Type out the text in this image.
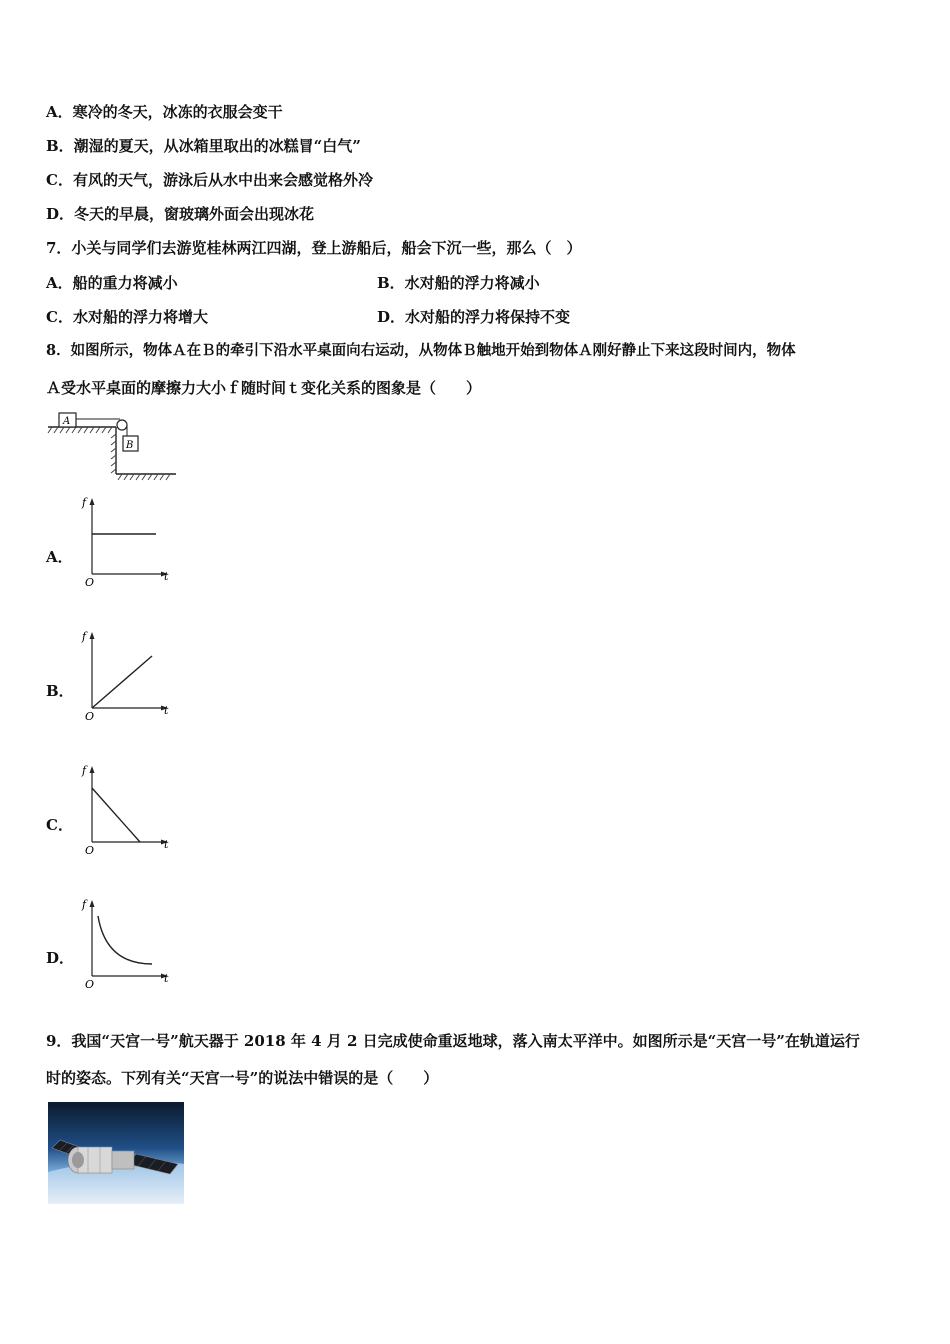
A．寒冷的冬天，冰冻的衣服会变干
B．潮湿的夏天，从冰箱里取出的冰糕冒“白气”
C．有风的天气，游泳后从水中出来会感觉格外冷
D．冬天的早晨，窗玻璃外面会出现冰花
7．小关与同学们去游览桂林两江四湖，登上游船后，船会下沉一些，那么（　）
A．船的重力将减小	B．水对船的浮力将减小
C．水对船的浮力将增大	D．水对船的浮力将保持不变
8．如图所示，物体Ａ在Ｂ的牵引下沿水平桌面向右运动，从物体Ｂ触地开始到物体Ａ刚好静止下来这段时间内，物体
Ａ受水平桌面的摩擦力大小ｆ随时间ｔ变化关系的图象是（　　）
A
B
A．
f
t
O
B．
f
t
O
C．
f
t
O
D．
f
t
O
9．我国“天宫一号”航天器于 2018 年 4 月 2 日完成使命重返地球，落入南太平洋中。如图所示是“天宫一号”在轨道运行
时的姿态。下列有关“天宫一号”的说法中错误的是（　　）
